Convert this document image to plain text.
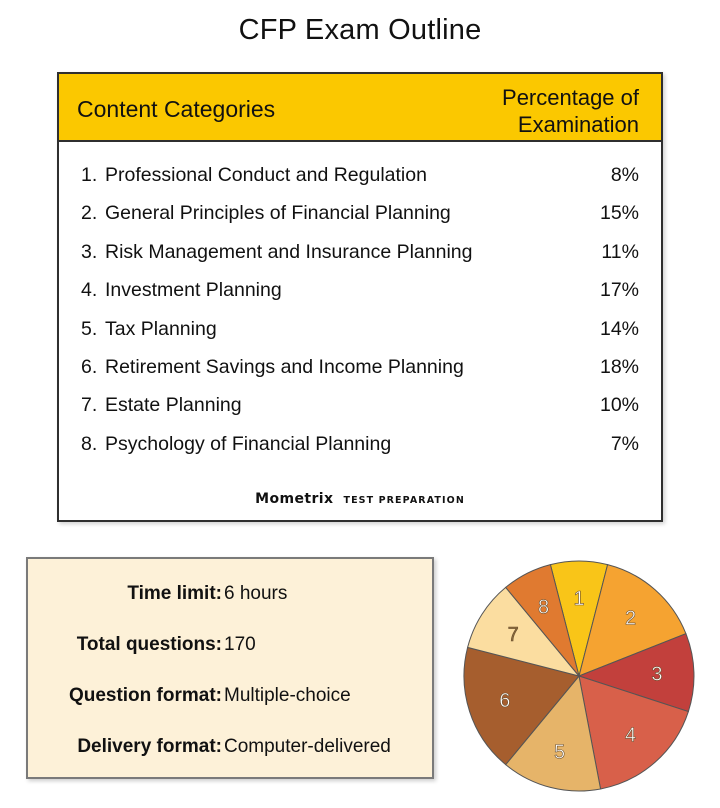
CFP Exam Outline
Content Categories	Percentage of
Examination
1. Professional Conduct and Regulation	8%
2. General Principles of Financial Planning	15%
3. Risk Management and Insurance Planning	11%
4. Investment Planning	17%
5. Tax Planning	14%
6. Retirement Savings and Income Planning	18%
7. Estate Planning	10%
8. Psychology of Financial Planning	7%
Mometrix TEST PREPARATION
Time limit: 6 hours
Total questions: 170
Question format: Multiple-choice
Delivery format: Computer-delivered
1
2
3
4
5
6
7
8
